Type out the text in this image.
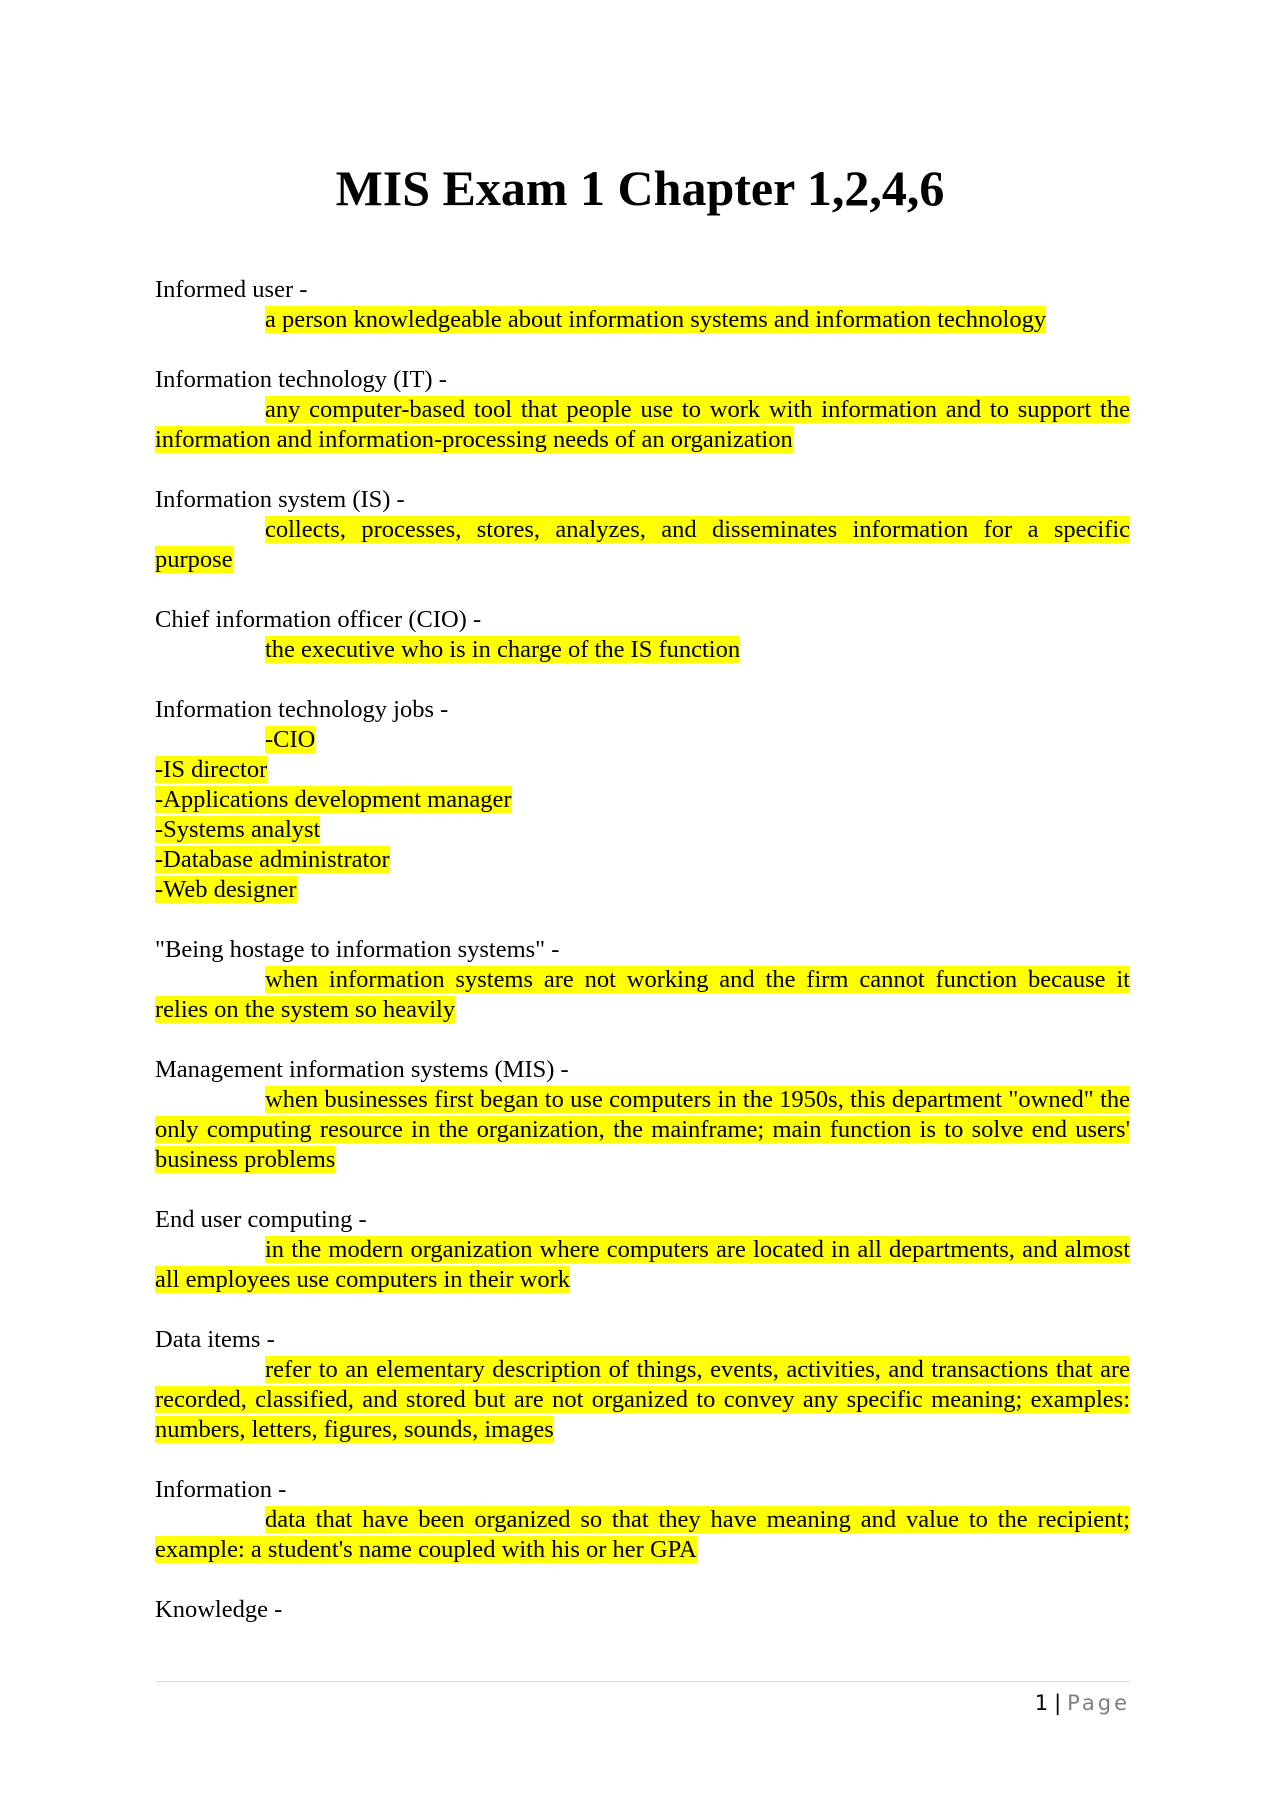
MIS Exam 1 Chapter 1,2,4,6
Informed user -

a person knowledgeable about information systems and information technology

Information technology (IT) -

any computer-based tool that people use to work with information and to support the information and information-processing needs of an organization

Information system (IS) -

collects, processes, stores, analyzes, and disseminates information for a specific purpose

Chief information officer (CIO) -

the executive who is in charge of the IS function

Information technology jobs -
-CIO
-IS director
-Applications development manager
-Systems analyst
-Database administrator
-Web designer
"Being hostage to information systems" -

when information systems are not working and the firm cannot function because it relies on the system so heavily

Management information systems (MIS) -

when businesses first began to use computers in the 1950s, this department "owned" the only computing resource in the organization, the mainframe; main function is to solve end users' business problems

End user computing -

in the modern organization where computers are located in all departments, and almost all employees use computers in their work

Data items -

refer to an elementary description of things, events, activities, and transactions that are recorded, classified, and stored but are not organized to convey any specific meaning; examples: numbers, letters, figures, sounds, images

Information -

data that have been organized so that they have meaning and value to the recipient; example: a student's name coupled with his or her GPA

Knowledge -
1 | Page
